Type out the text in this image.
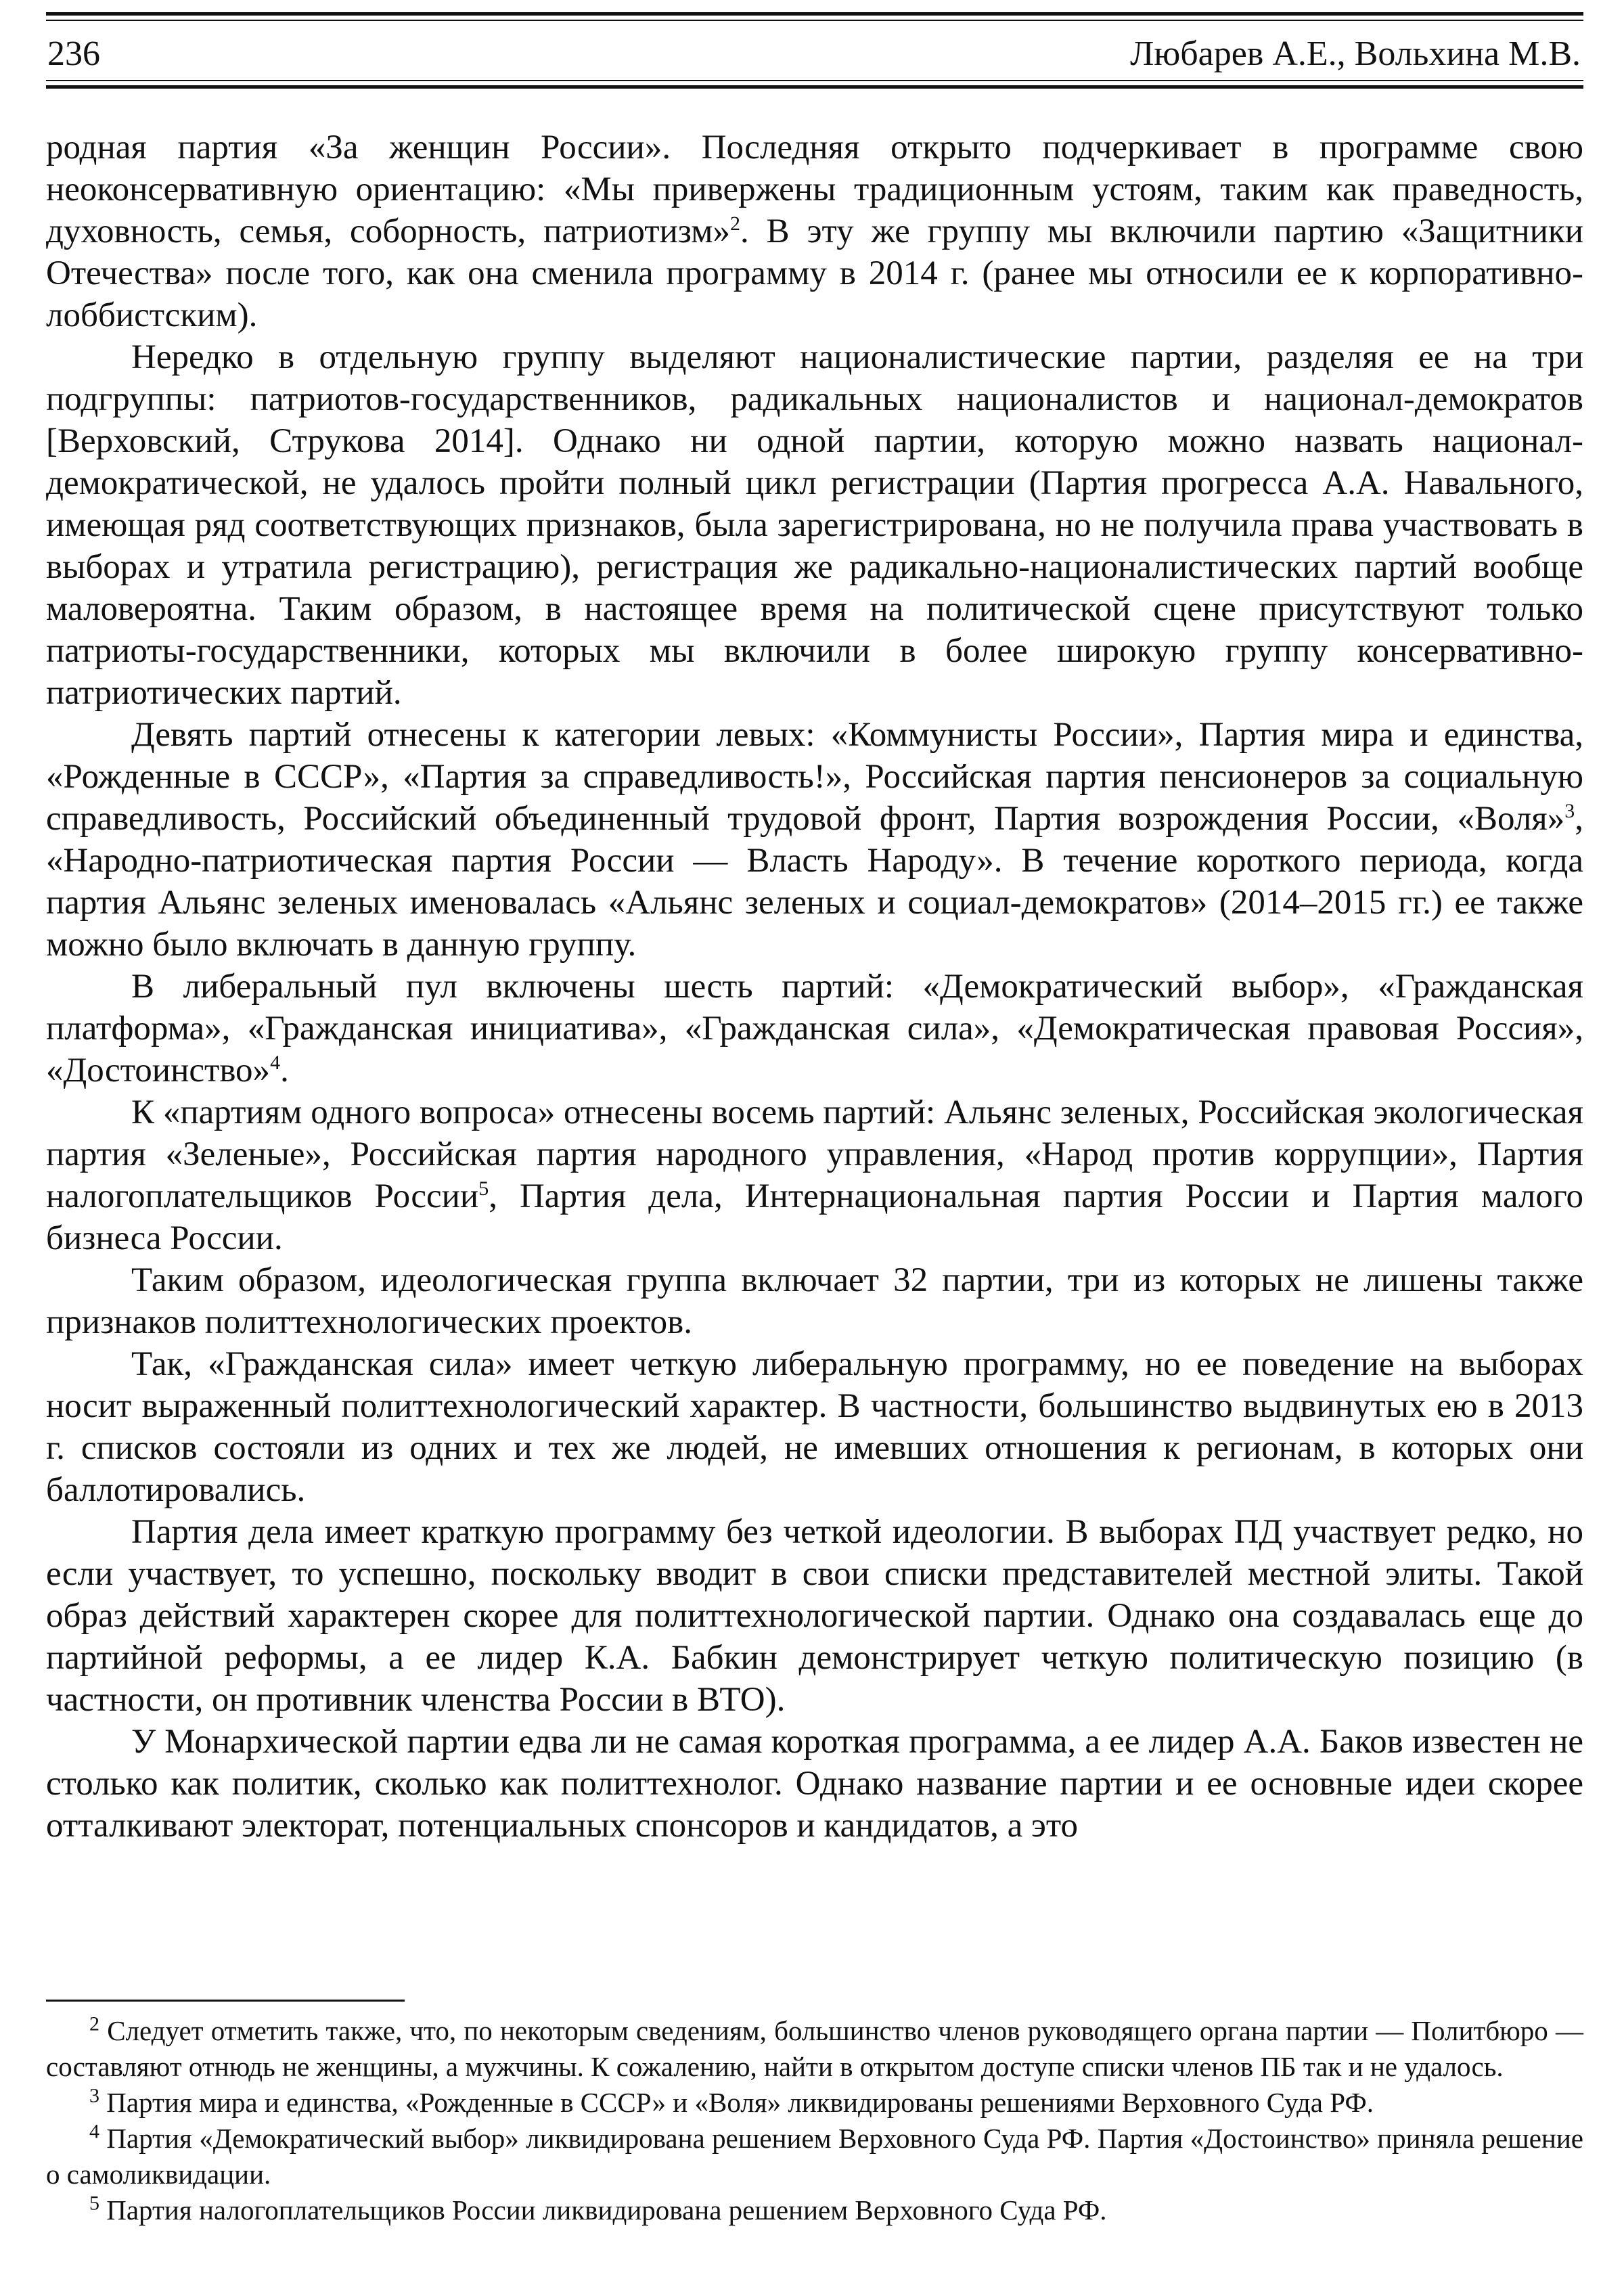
236	Любарев А.Е., Вольхина М.В.

родная партия «За женщин России». Последняя открыто подчеркивает в программе свою неоконсервативную ориентацию: «Мы привержены традиционным устоям, таким как праведность, духовность, семья, соборность, патриотизм»$^2$. В эту же группу мы включили партию «Защитники Отечества» после того, как она сменила программу в 2014 г. (ранее мы относили ее к корпоративно-лоббистским).

Нередко в отдельную группу выделяют националистические партии, разделяя ее на три подгруппы: патриотов-государственников, радикальных националистов и национал-демократов [Верховский, Струкова 2014]. Однако ни одной партии, которую можно назвать национал-демократической, не удалось пройти полный цикл регистрации (Партия прогресса А.А. Навального, имеющая ряд соответствующих признаков, была зарегистрирована, но не получила права участвовать в выборах и утратила регистрацию), регистрация же радикально-националистических партий вообще маловероятна. Таким образом, в настоящее время на политической сцене присутствуют только патриоты-государственники, которых мы включили в более широкую группу консервативно-патриотических партий.

Девять партий отнесены к категории левых: «Коммунисты России», Партия мира и единства, «Рожденные в СССР», «Партия за справедливость!», Российская партия пенсионеров за социальную справедливость, Российский объединенный трудовой фронт, Партия возрождения России, «Воля»$^3$, «Народно-патриотическая партия России — Власть Народу». В течение короткого периода, когда партия Альянс зеленых именовалась «Альянс зеленых и социал-демократов» (2014–2015 гг.) ее также можно было включать в данную группу.

В либеральный пул включены шесть партий: «Демократический выбор», «Гражданская платформа», «Гражданская инициатива», «Гражданская сила», «Демократическая правовая Россия», «Достоинство»$^4$.

К «партиям одного вопроса» отнесены восемь партий: Альянс зеленых, Российская экологическая партия «Зеленые», Российская партия народного управления, «Народ против коррупции», Партия налогоплательщиков России$^5$, Партия дела, Интернациональная партия России и Партия малого бизнеса России.

Таким образом, идеологическая группа включает 32 партии, три из которых не лишены также признаков политтехнологических проектов.

Так, «Гражданская сила» имеет четкую либеральную программу, но ее поведение на выборах носит выраженный политтехнологический характер. В частности, большинство выдвинутых ею в 2013 г. списков состояли из одних и тех же людей, не имевших отношения к регионам, в которых они баллотировались.

Партия дела имеет краткую программу без четкой идеологии. В выборах ПД участвует редко, но если участвует, то успешно, поскольку вводит в свои списки представителей местной элиты. Такой образ действий характерен скорее для политтехнологической партии. Однако она создавалась еще до партийной реформы, а ее лидер К.А. Бабкин демонстрирует четкую политическую позицию (в частности, он противник членства России в ВТО).

У Монархической партии едва ли не самая короткая программа, а ее лидер А.А. Баков известен не столько как политик, сколько как политтехнолог. Однако название партии и ее основные идеи скорее отталкивают электорат, потенциальных спонсоров и кандидатов, а это

$^2$ Следует отметить также, что, по некоторым сведениям, большинство членов руководящего органа партии — Политбюро — составляют отнюдь не женщины, а мужчины. К сожалению, найти в открытом доступе списки членов ПБ так и не удалось.

$^3$ Партия мира и единства, «Рожденные в СССР» и «Воля» ликвидированы решениями Верховного Суда РФ.

$^4$ Партия «Демократический выбор» ликвидирована решением Верховного Суда РФ. Партия «Достоинство» приняла решение о самоликвидации.

$^5$ Партия налогоплательщиков России ликвидирована решением Верховного Суда РФ.
